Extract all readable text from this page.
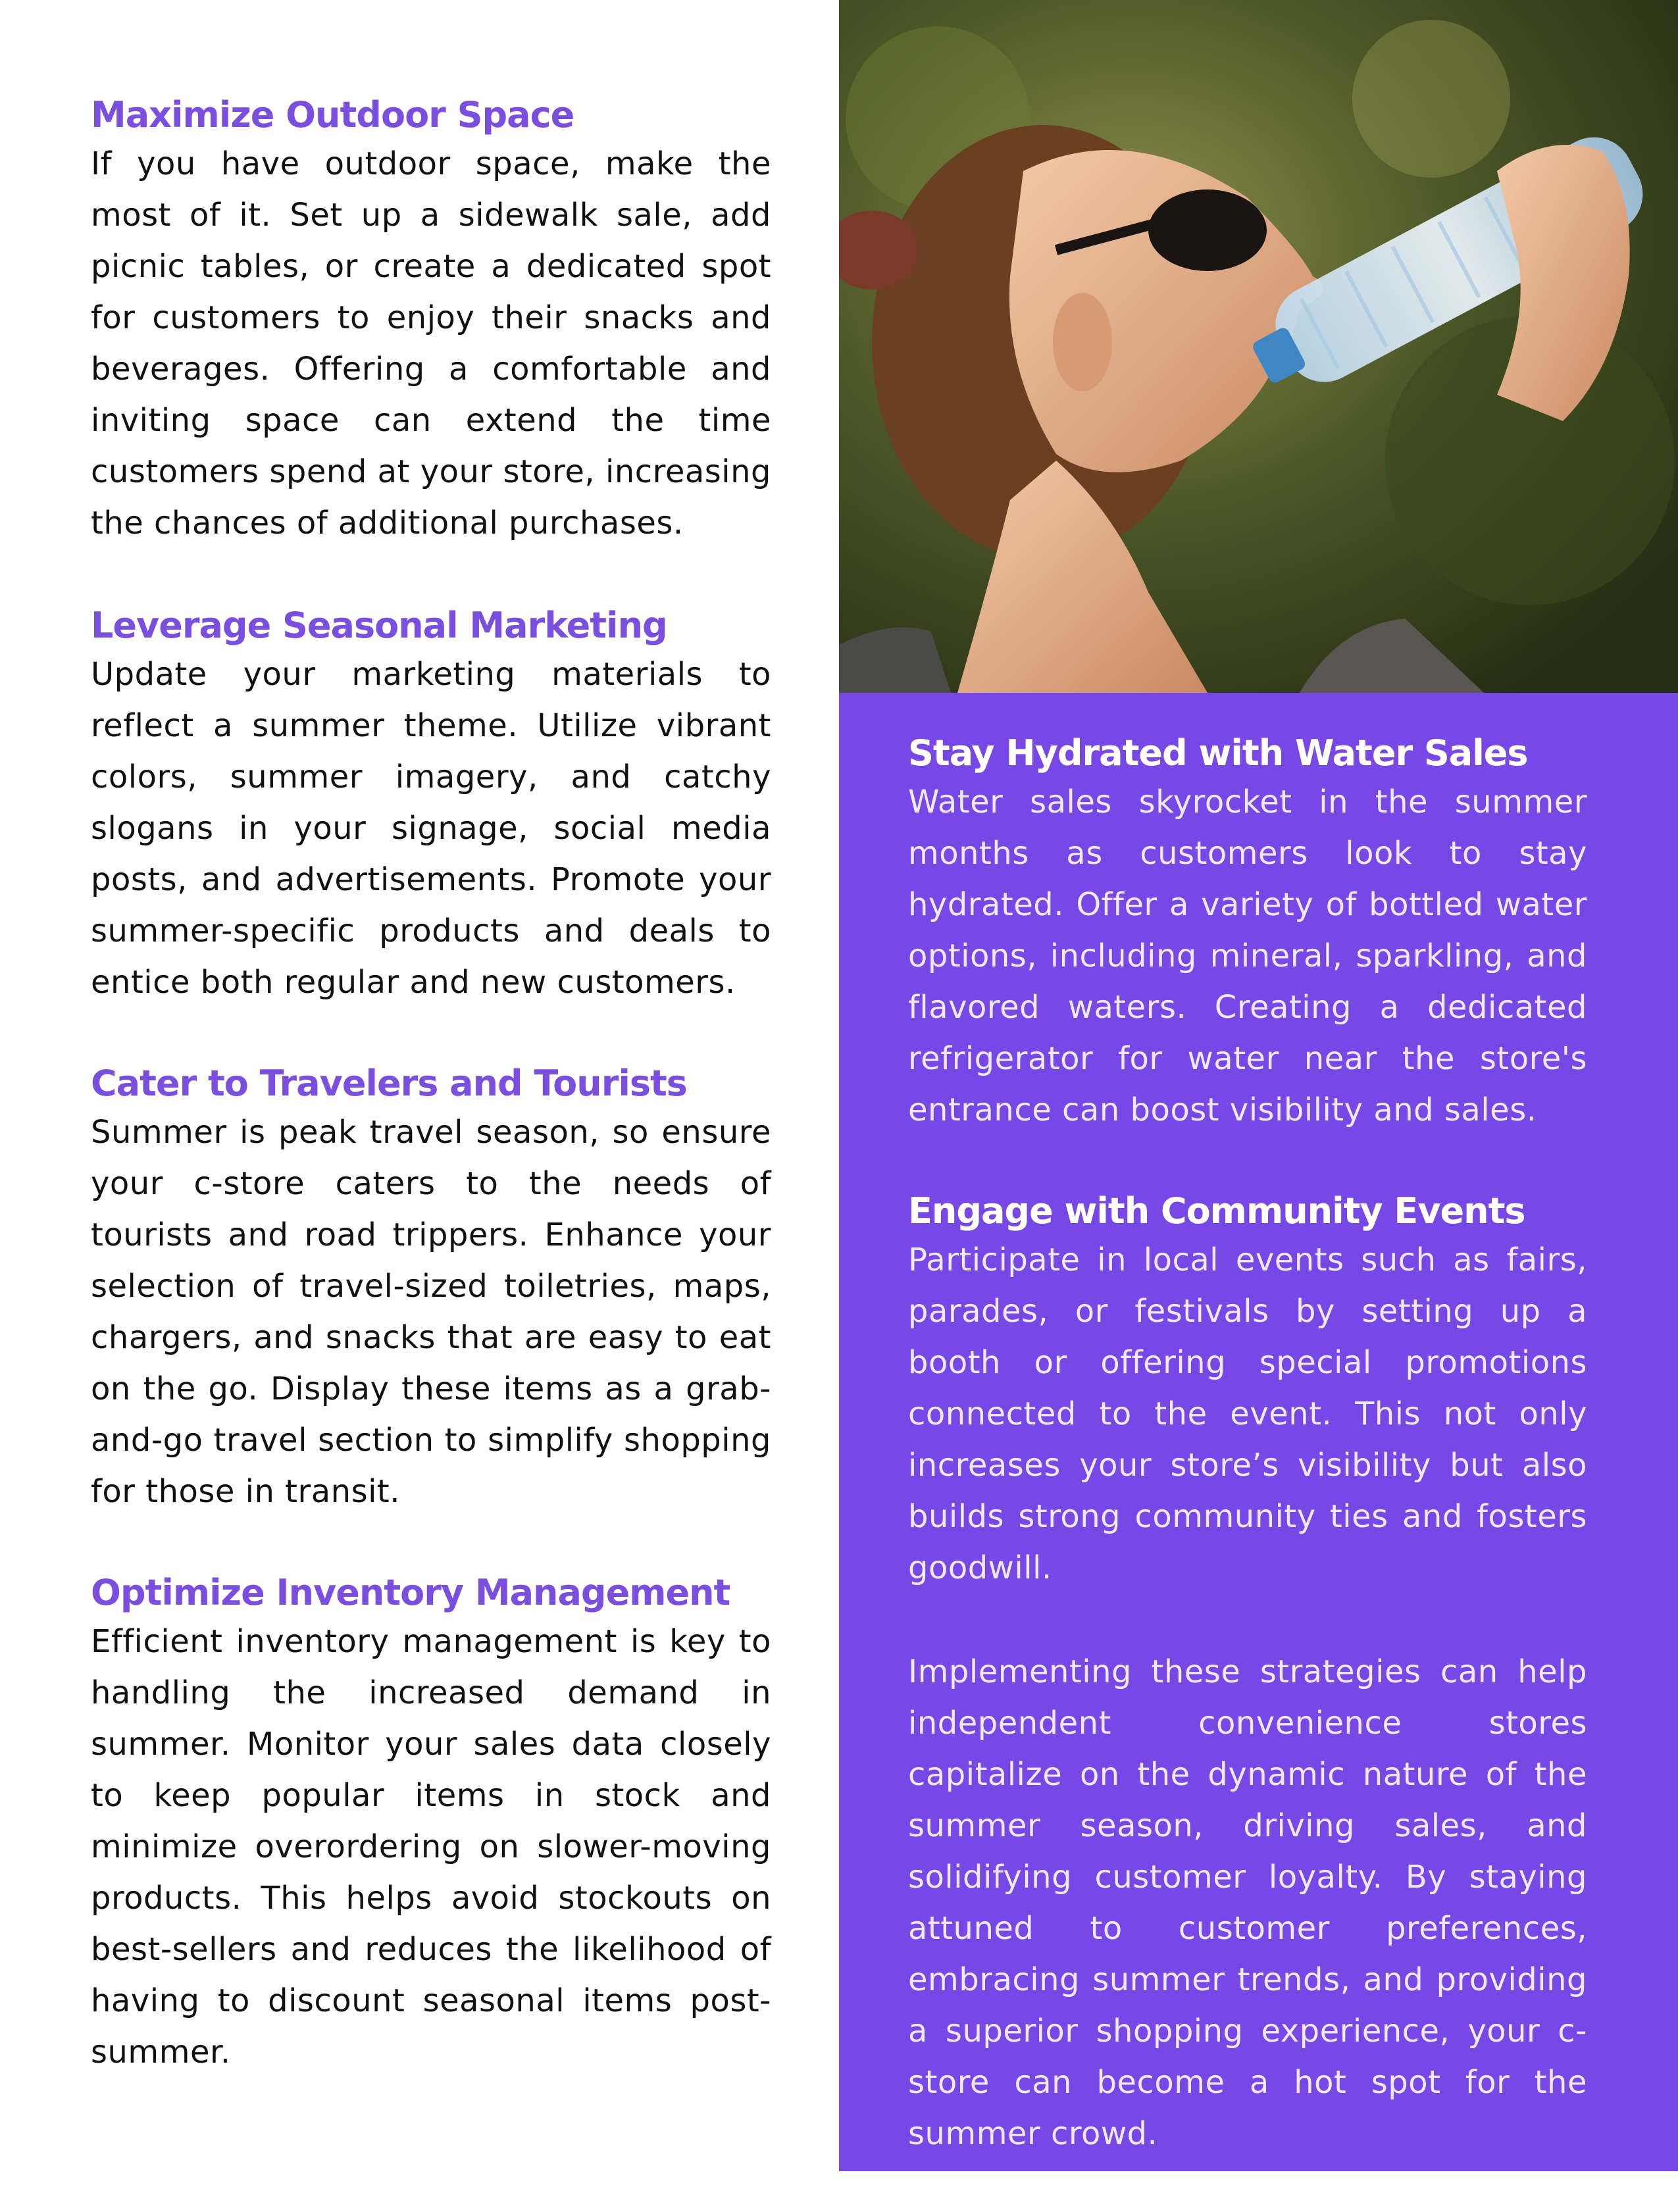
Maximize Outdoor Space

If you have outdoor space, make the most of it. Set up a sidewalk sale, add picnic tables, or create a dedicated spot for customers to enjoy their snacks and beverages. Offering a comfortable and inviting space can extend the time customers spend at your store, increasing the chances of additional purchases.

Leverage Seasonal Marketing

Update your marketing materials to reflect a summer theme. Utilize vibrant colors, summer imagery, and catchy slogans in your signage, social media posts, and advertisements. Promote your summer-specific products and deals to entice both regular and new customers.

Cater to Travelers and Tourists

Summer is peak travel season, so ensure your c-store caters to the needs of tourists and road trippers. Enhance your selection of travel-sized toiletries, maps, chargers, and snacks that are easy to eat on the go. Display these items as a grab-and-go travel section to simplify shopping for those in transit.

Optimize Inventory Management

Efficient inventory management is key to handling the increased demand in summer. Monitor your sales data closely to keep popular items in stock and minimize overordering on slower-moving products. This helps avoid stockouts on best-sellers and reduces the likelihood of having to discount seasonal items post-summer.

Stay Hydrated with Water Sales

Water sales skyrocket in the summer months as customers look to stay hydrated. Offer a variety of bottled water options, including mineral, sparkling, and flavored waters. Creating a dedicated refrigerator for water near the store's entrance can boost visibility and sales.

Engage with Community Events

Participate in local events such as fairs, parades, or festivals by setting up a booth or offering special promotions connected to the event. This not only increases your store’s visibility but also builds strong community ties and fosters goodwill.

Implementing these strategies can help independent convenience stores capitalize on the dynamic nature of the summer season, driving sales, and solidifying customer loyalty. By staying attuned to customer preferences, embracing summer trends, and providing a superior shopping experience, your c-store can become a hot spot for the summer crowd.
